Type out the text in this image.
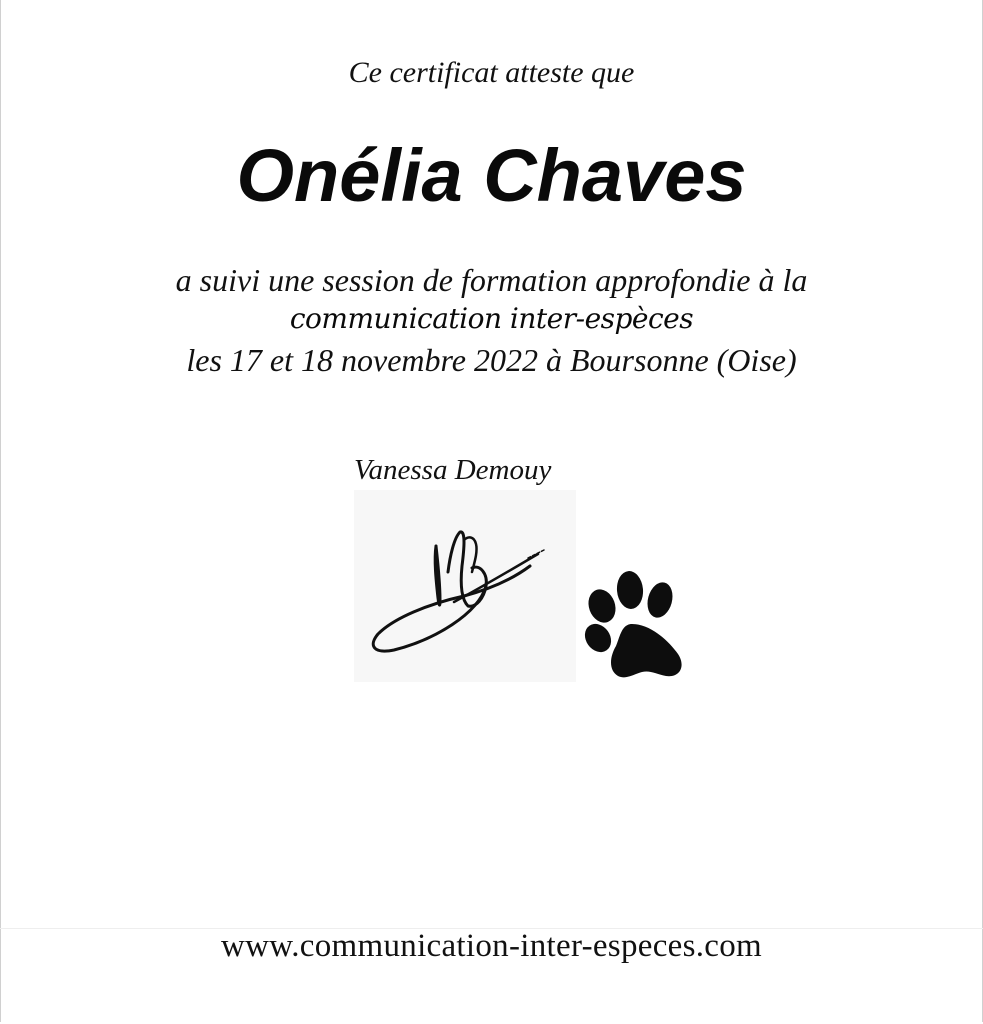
Ce certificat atteste que
Onélia Chaves
a suivi une session de formation approfondie à la
communication inter-espèces
les 17 et 18 novembre 2022 à Boursonne (Oise)
Vanessa Demouy
www.communication-inter-especes.com
